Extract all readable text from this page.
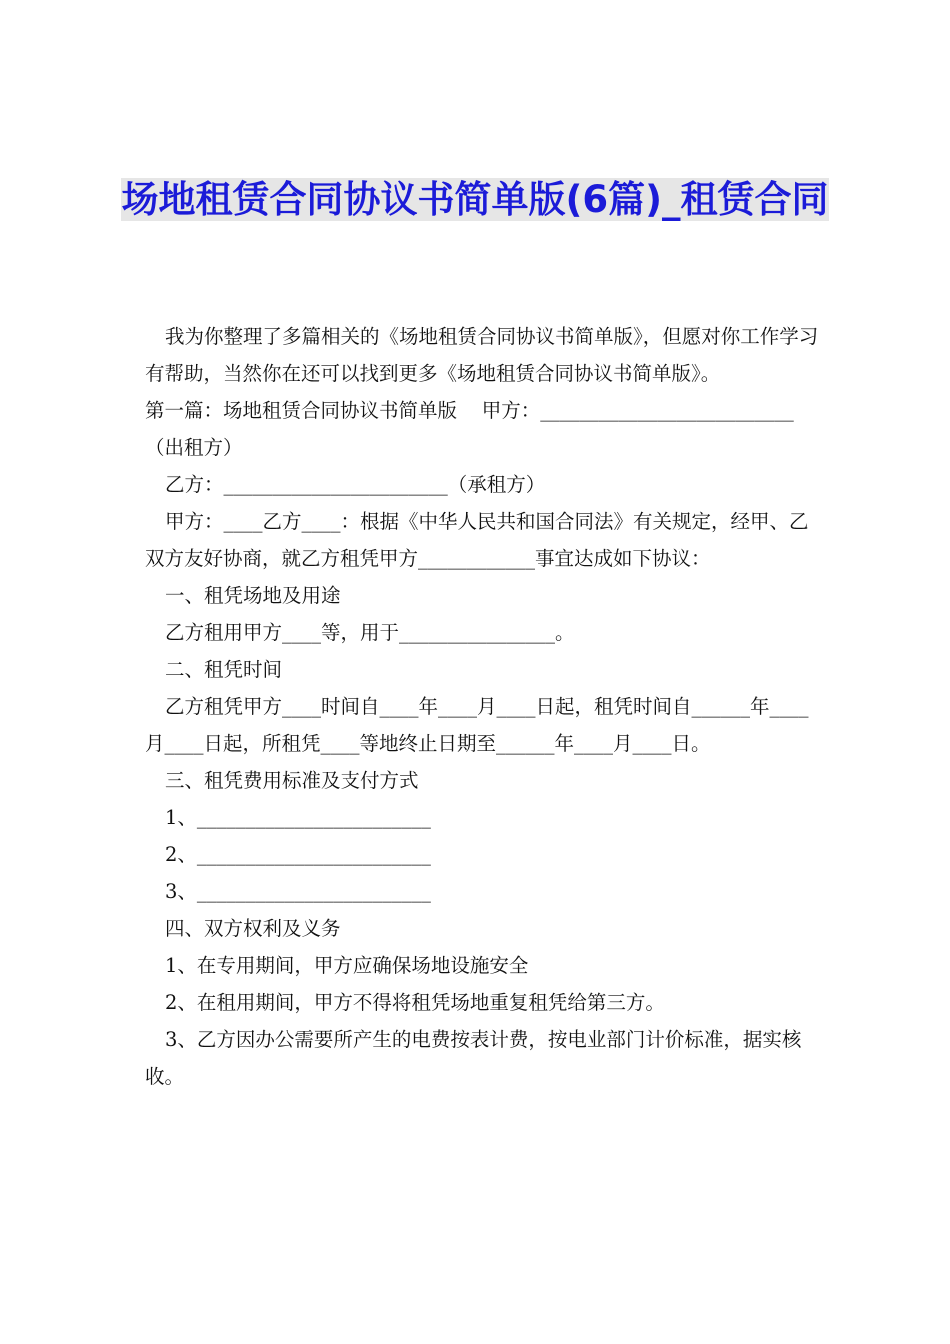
场地租赁合同协议书简单版(6篇)_租赁合同

我为你整理了多篇相关的《场地租赁合同协议书简单版》，但愿对你工作学习有帮助，当然你在还可以找到更多《场地租赁合同协议书简单版》。

第一篇：场地租赁合同协议书简单版    甲方：__________________________（出租方）

乙方：_______________________（承租方）

甲方：____乙方____：根据《中华人民共和国合同法》有关规定，经甲、乙双方友好协商，就乙方租凭甲方____________事宜达成如下协议：

一、租凭场地及用途

乙方租用甲方____等，用于________________。

二、租凭时间

乙方租凭甲方____时间自____年____月____日起，租凭时间自______年____月____日起，所租凭____等地终止日期至______年____月____日。

三、租凭费用标准及支付方式

1、________________________

2、________________________

3、________________________

四、双方权利及义务

1、在专用期间，甲方应确保场地设施安全

2、在租用期间，甲方不得将租凭场地重复租凭给第三方。

3、乙方因办公需要所产生的电费按表计费，按电业部门计价标准，据实核收。
